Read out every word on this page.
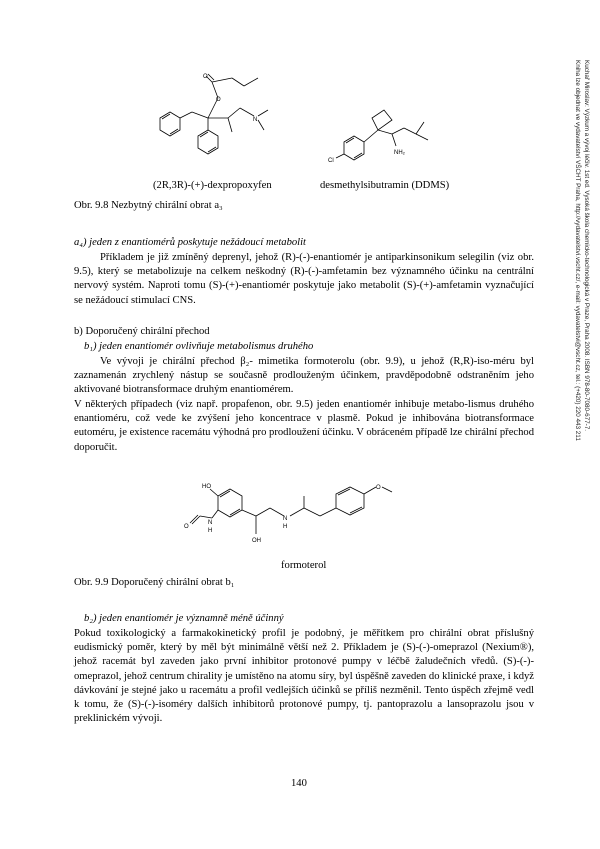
Kuchař Miroslav: Výzkum a vývoj léčiv. 1st ed. Vysoká škola chemicko-technologická v Praze, Praha 2008. ISBN 978-80-7080-677-7.
Kniha lze objednat ve vydavatelství VŠCHT Praha, http://vydavatelstvi.vscht.cz/, e-mail: vydavatelstvi@vscht.cz, tel.: (+420) 220 443 211
O
O
N
Cl
NH₂
(2R,3R)-(+)-dexpropoxyfen	desmethylsibutramin (DDMS)
Obr. 9.8 Nezbytný chirální obrat a₃
a₄) jeden z enantiomérů poskytuje nežádoucí metabolit
Příkladem je již zmíněný deprenyl, jehož (R)-(-)-enantiomér je antiparkinsonikum selegilin (viz obr. 9.5), který se metabolizuje na celkem neškodný (R)-(-)-amfetamin bez významného účinku na centrální nervový systém. Naproti tomu (S)-(+)-enantiomér poskytuje jako metabolit (S)-(+)-amfetamin vyznačující se nežádoucí stimulací CNS.
b) Doporučený chirální přechod
b₁) jeden enantiomér ovlivňuje metabolismus druhého
Ve vývoji je chirální přechod β₂- mimetika formoterolu (obr. 9.9), u jehož (R,R)-iso-méru byl zaznamenán zrychlený nástup se současně prodlouženým účinkem, pravděpodobně odstraněním jeho aktivované biotransformace druhým enantiomérem.
V některých případech (viz např. propafenon, obr. 9.5) jeden enantiomér inhibuje metabo-lismus druhého enantioméru, což vede ke zvýšení jeho koncentrace v plasmě. Pokud je inhibována biotransformace eutoméru, je existence racemátu výhodná pro prodloužení účinku. V obráceném případě lze chirální přechod doporučit.
HO
O
N
H
N
H
OH
O
formoterol
Obr. 9.9 Doporučený chirální obrat b₁
b₂) jeden enantiomér je významně méně účinný
Pokud toxikologický a farmakokinetický profil je podobný, je měřítkem pro chirální obrat příslušný eudismický poměr, který by měl být minimálně větší než 2. Příkladem je (S)-(-)-omeprazol (Nexium®), jehož racemát byl zaveden jako první inhibitor protonové pumpy v léčbě žaludečních vředů. (S)-(-)-omeprazol, jehož centrum chirality je umístěno na atomu síry, byl úspěšně zaveden do klinické praxe, i když dávkování je stejné jako u racemátu a profil vedlejších účinků se příliš nezměnil. Tento úspěch zřejmě vedl k tomu, že (S)-(-)-isoméry dalších inhibitorů protonové pumpy, tj. pantoprazolu a lansoprazolu jsou v preklinickém vývoji.
140
